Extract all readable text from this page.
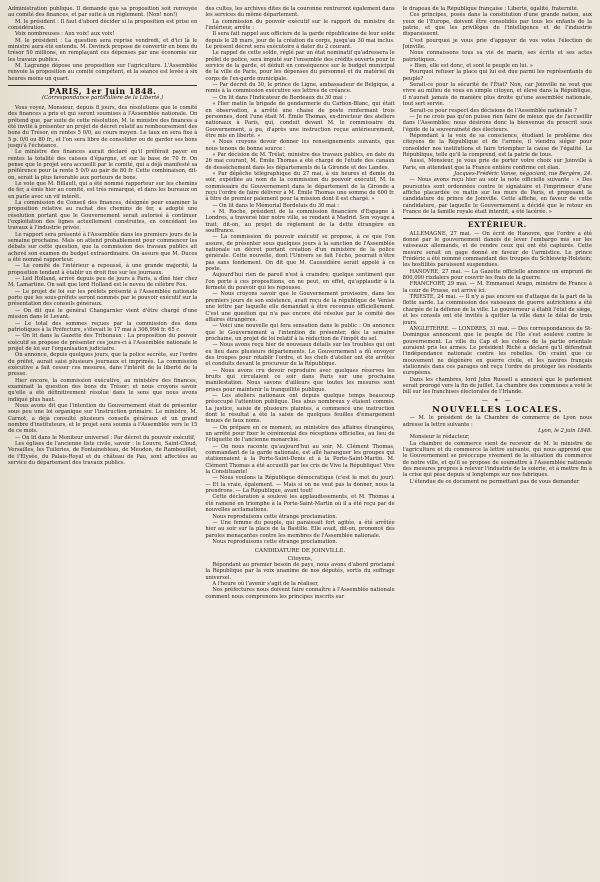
Administration publique. Il demande que sa proposition soit renvoyée au comité des finances, et par suite à un règlement. (Non! non!)

M. le président : Il faut d'abord décider si la proposition est prise en considération.

Voix nombreuses : Aux voix! aux voix!

M. le président : La question sera reprise vendredi, et d'ici là le ministre aura été entendu. M. Devinck propose de convertir en bons du trésor 50 millions, en remplaçant ces dépenses par une économie sur les travaux publics.

M. Lagrange dépose une proposition sur l'agriculture. L'Assemblée renvoie la proposition au comité compétent, et la séance est levée à six heures moins un quart.

PARIS, 1er Juin 1848.
(Correspondance particulière de la Liberté.)

Vous voyez, Monsieur, depuis 8 jours, des résolutions que le comité des finances a pris et qui seront soumises à l'Assemblée nationale. On prétend que, par suite de cette résolution, M. le ministre des finances a été invité à présenter un projet de décret relatif au remboursement des bons du Trésor, en rentes 5 0/0, au cours moyen. Le taux en sera fixé à 5 p. 0/0 ou 80 fr., et l'on sera libre de consolider ou de garder ses bons jusqu'à l'échéance.

Le ministre des finances aurait déclaré qu'il préférait payer en rentes la totalité des caisses d'épargne, et sur la base de 70 fr. On pense que le projet sera accueilli par le comité, qui a déjà manifesté sa préférence pour la rente 5 0/0 au pair de 80 fr. Cette combinaison, dit-on, serait la plus favorable aux porteurs de bons.

Le vote que M. Billault, qui a été nommé rapporteur sur les chemins de fer, a émis hier au comité, est très remarqué, et dans les bureaux on en parle avec un vif intérêt.

La commission du Conseil des finances, désignée pour examiner la proposition relative au rachat des chemins de fer, a adopté une résolution portant que le Gouvernement serait autorisé à continuer l'exploitation des lignes actuellement construites, en concédant les travaux à l'industrie privée.

Le rapport sera présenté à l'Assemblée dans les premiers jours de la semaine prochaine. Mais on attend probablement pour commencer les débats sur cette question, que la commission des travaux publics ait achevé son examen du budget extraordinaire. On assure que M. Ducos a été nommé rapporteur.

— Le comité de l'intérieur a repoussé, à une grande majorité, la proposition tendant à établir un droit fixe sur les journaux.

— Led Holland, arrivé depuis peu de jours à Paris, a dîné hier chez M. Lamartine. On sait que lord Holland est le neveu de célèbre Fox.

— Le projet de loi sur les préfets présenté à l'Assemblée nationale porte que les sous-préfets seront nommés par le pouvoir exécutif sur la présentation des conseils généraux.

— On dit que le général Changarnier vient d'être chargé d'une mission dans le Levant.

— Le total des sommes reçues par la commission des dons patriotiques à la Préfecture, s'élevait le 17 mai à 306,994 fr. 65 c.

— On lit dans la Gazette des Tribunaux : La proposition du pouvoir exécutif se propose de présenter ces jours-ci à l'Assemblée nationale le projet de loi sur l'organisation judiciaire.

On annonce, depuis quelques jours, que la police secrète, sur l'ordre du préfet, aurait saisi plusieurs journaux et imprimés. La commission exécutive a fait cesser ces mesures, dans l'intérêt de la liberté de la presse.

Hier encore, la commission exécutive, au ministère des finances, examinait la question des bons du Trésor; et nous croyons savoir qu'elle a été définitivement résolue dans le sens que nous avons indiqué plus haut.

Nous avons dit que l'intention du Gouvernement était de présenter sous peu une loi organique sur l'instruction primaire. Le ministre, M. Carnot, a déjà consulté plusieurs conseils généraux et un grand nombre d'instituteurs, et le projet sera soumis à l'Assemblée vers le 15 de ce mois.

— On lit dans le Moniteur universel : Par décret du pouvoir exécutif,

Les églises de l'ancienne liste civile, savoir : le Louvre, Saint-Cloud, Versailles, les Tuileries, de Fontainebleau, de Meudon, de Rambouillet, de l'Élysée, du Palais-Royal et du château de Pau, sont affectées au service du département des travaux publics.

des cultes, les archives dites de la couronne rentreront également dans les services du même département.

La commission du pouvoir exécutif sur le rapport du ministre de l'intérieur, arrête :

Il sera fait rappel aux officiers de la garde républicaine de leur solde depuis le 28 mars, jour de la création du corps, jusqu'au 30 mai inclus. Le présent décret sera exécutoire à dater du 2 courant.

Le rappel de cette solde, réglé par un état nominatif qu'adressera le préfet de police, sera imputé sur l'ensemble des crédits ouverts pour le service de la garde, et déduit en conséquence sur le budget municipal de la ville de Paris, pour les dépenses du personnel et du matériel du corps de l'ex-garde municipale.

— Par décret du 30, le prince de Ligne, ambassadeur de Belgique, a remis à la commission exécutive ses lettres de créance.

— On lit dans l'Indicateur de Bordeaux du 30 mai :

« Hier matin la brigade de gendarmerie du Carbon-Blanc, qui était en observation, a arrêté une chaise de poste renfermant trois personnes, dont l'une était M. Émile Thomas, ex-directeur des ateliers nationaux à Paris, qui, conduit devant M. le commissaire du Gouvernement, a pu, d'après une instruction reçue antérieurement, être mis en liberté. »

« Nous croyons devoir donner les renseignements suivants, que nous tenons de bonne source :

« Par décision de M. Trélat, ministre des travaux publics, en date du 26 mai courant, M. Émile Thomas a été chargé de l'étude des canaux de desséchement dans les départements de la Gironde et des Landes.

« Par dépêche télégraphique du 27 mai, à six heures et demie du soir, expédiée au nom de la commission du pouvoir exécutif, M. le commissaire du Gouvernement dans le département de la Gironde a reçu l'ordre de faire délivrer à M. Émile Thomas une somme de 600 fr. à titre de premier paiement pour la mission dont il est chargé. »

— On lit dans le Mémorial Bordelais du 30 mai :

« M. Roche, président de la commission financière d'Espagne à Londres, a traversé hier notre ville, se rendant à Madrid. Son voyage a trait, dit-on, au projet de règlement de la dette étrangère en souffrance.

— La commission du pouvoir exécutif se propose, à ce que l'on assure, de présenter sous quelques jours à la sanction de l'Assemblée nationale un décret portant création d'un ministère de la police générale. Cette nouvelle, dont l'Univers se fait l'écho, pourrait n'être pas sans fondement. On dit que M. Caussidière serait appelé à ce poste.

Aujourd'hui rien de pareil n'est à craindre; quelque sentiment que l'on porte à ces propositions, on ne peut, en effet, qu'applaudir à la fermeté du pouvoir qui les repousse.

— Nous croyons savoir que le Gouvernement provisoire, dans les premiers jours de son existence, avait reçu de la république de Venise une lettre par laquelle elle demandait à être reconnue officiellement. C'est une question qui n'a pas encore été résolue par le comité des affaires étrangères.

— Voici une nouvelle qui fera sensation dans le public : On annonce que le Gouvernement a l'intention de présenter, dès la semaine prochaine, un projet de loi relatif à la réduction de l'impôt du sel.

— Nous avons reçu hier de nouveaux détails sur les troubles qui ont eu lieu dans plusieurs départements. Le Gouvernement a dû envoyer des troupes pour rétablir l'ordre, et les chefs d'atelier ont été arrêtés et conduits devant le procureur de la République.

— Nous avons cru devoir reproduire avec quelques réserves les bruits qui circulaient ce soir dans Paris sur une prochaine manifestation. Nous savons d'ailleurs que toutes les mesures sont prises pour maintenir la tranquillité publique.

— Les ateliers nationaux ont depuis quelque temps beaucoup préoccupé l'attention publique. Des abus nombreux y étaient commis. La justice, saisie de plusieurs plaintes, a commencé une instruction dont le résultat a été la saisie de quelques feuilles d'émargement tenues de faux noms.

— On prépare en ce moment, au ministère des affaires étrangères, un arrêté pour fixer le cérémonial des réceptions officielles, au lieu de l'étiquette de l'ancienne monarchie.

— On nous raconte qu'aujourd'hui au soir, M. Clément Thomas, commandant de la garde nationale, est allé haranguer les groupes qui stationnaient à la Porte-Saint-Denis et à la Porte-Saint-Martin. M. Clément Thomas a été accueilli par les cris de Vive la République! Vive la Constituante!

— Nous voulons la République démocratique (c'est le mot du jour). — Et la vraie, également. — Mais si on ne veut pas la donner, nous la prendrons. — La République, avant tout!

Cette déclaration a soulevé les applaudissements, et M. Thomas a été ramené en triomphe à la Porte-Saint-Martin où il a été reçu par de nouvelles acclamations.

Nous reproduisons cette étrange proclamation.

— Une femme du peuple, qui paraissait fort agitée, a été arrêtée hier au soir sur la place de la Bastille. Elle avait, dit-on, prononcé des paroles menaçantes contre les membres de l'Assemblée nationale.

Nous reproduisons cette étrange proclamation.

CANDIDATURE DE JOINVILLE.

Citoyens,

Répondant au premier besoin de pays, nous avons d'abord proclamé la République par la voix unanime de nos députés, sortis du suffrage universel.

A l'heure où l'avenir s'agit de la réaliser,

Nos préfectures nous doivent faire connaître à l'Assemblée nationale comment nous comprenons les principes inscrits sur

le drapeau de la République française : Liberté, égalité, fraternité.

Ces principes, posés dans la constitution d'une grande nation, aux yeux de l'Europe, doivent être consolidés par tous les enfants de la patrie, et que les privilèges de l'intelligence et de l'industrie disparaissent.

C'est pourquoi je vous prie d'appuyer de vos votes l'élection de Joinville.

Nous connaissons tous sa vie de marin, ses écrits et ses actes patriotiques.

« Bien, elle est donc, et sont le peuple en lui. »

Pourquoi refuser la place qui lui est due parmi les représentants du peuple?

Serait-ce pour la sécurité de l'État? Non, car Joinville ne veut que vivre au milieu de vous en simple citoyen, et élevé dans la République, il n'aurait jamais de manière plus droite qu'une assemblée nationale, tout sert servie.

Serait-ce pour respect des décisions de l'Assemblée nationale ?

— Je ne crois pas qu'on puisse rien faire de mieux que de l'accueillir dans l'Assemblée; nous désirons donc la bienvenue du proscrit sous l'égide de la souveraineté des électeurs.

Répondant à la voix de sa conscience, étudiant le problème des citoyens de la République et de l'armée, il viendra siéger pour consolider nos institutions et faire triompher la cause de l'égalité. La République, telle qu'il la comprend, est la patrie de tous.

Aussi, Monsieur, je vous prie de porter votre choix sur Joinville à Paris, en attendant que la France entière confirme cet élan.

Jacques-Frédéric Vanse, négociant, rue Bergère, 24.

— Nous avons reçu hier au soir la note officielle suivante : « Des poursuites sont ordonnées contre le signataire et l'imprimeur d'une affiche placardée ce matin sur les murs de Paris, et proposant la candidature du prince de Joinville. Cette affiche, en faveur de cette candidature, par laquelle le Gouvernement a décidé que le retour en France de la famille royale était interdit, a été lacérée. »

EXTÉRIEUR.

ALLEMAGNE, 27 mai. — On écrit de Hanovre, que l'ordre a été donné par le gouvernement danois de lever l'embargo mis sur les vaisseaux allemands, et de rendre ceux qui ont été capturés. Cette mesure serait un gage donné en faveur de l'armistice. Le prince Frédéric a été nommé commandant des troupes du Schleswig-Holstein; les hostilités paraissent suspendues.

HANOVRE, 27 mai. — La Gazette officielle annonce un emprunt de 800,000 rixdalers pour couvrir les frais de la guerre.

FRANCFORT, 29 mai. — M. Emmanuel Arago, ministre de France à la cour de Prusse, est arrivé ici.

TRIESTE, 24 mai. — Il n'y a pas encore eu d'attaque de la part de la flotte sarde. La commission des vaisseaux de guerre autrichiens a été chargée de la défense de la ville. Le gouverneur a établi l'état de siège, et les consuls ont été invités à quitter la ville dans le délai de trois jours.

ANGLETERRE. — LONDRES, 31 mai. — Des correspondances de St-Domingue annoncent que le peuple de l'île s'est soulevé contre le gouvernement. La ville du Cap et les colons de la partie orientale auraient pris les armes. Le président Riché a déclaré qu'il défendrait l'indépendance nationale contre les rebelles. On craint que ce mouvement ne dégénère en guerre civile, et les navires français stationnés dans ces parages ont reçu l'ordre de protéger les résidants européens.

Dans les chambres, lord John Russell a annoncé que le parlement serait prorogé vers la fin de juillet. La chambre des communes a voté le bill sur les franchises électorales de l'Irlande.

— ✦ —
NOUVELLES LOCALES.

— M. le président de la Chambre de commerce de Lyon nous adresse la lettre suivante :

Lyon, le 2 juin 1848.

Monsieur le rédacteur,

La chambre de commerce vient de recevoir de M. le ministre de l'agriculture et du commerce la lettre suivante, qui nous apprend que le Gouvernement se préoccupe vivement de la situation du commerce de notre ville, et qu'il se propose de soumettre à l'Assemblée nationale des mesures propres à relever l'industrie de la soierie, et à mettre fin à la crise qui pèse depuis si longtemps sur nos fabriques.

L'étendue de ce document ne permettant pas de vous demander
